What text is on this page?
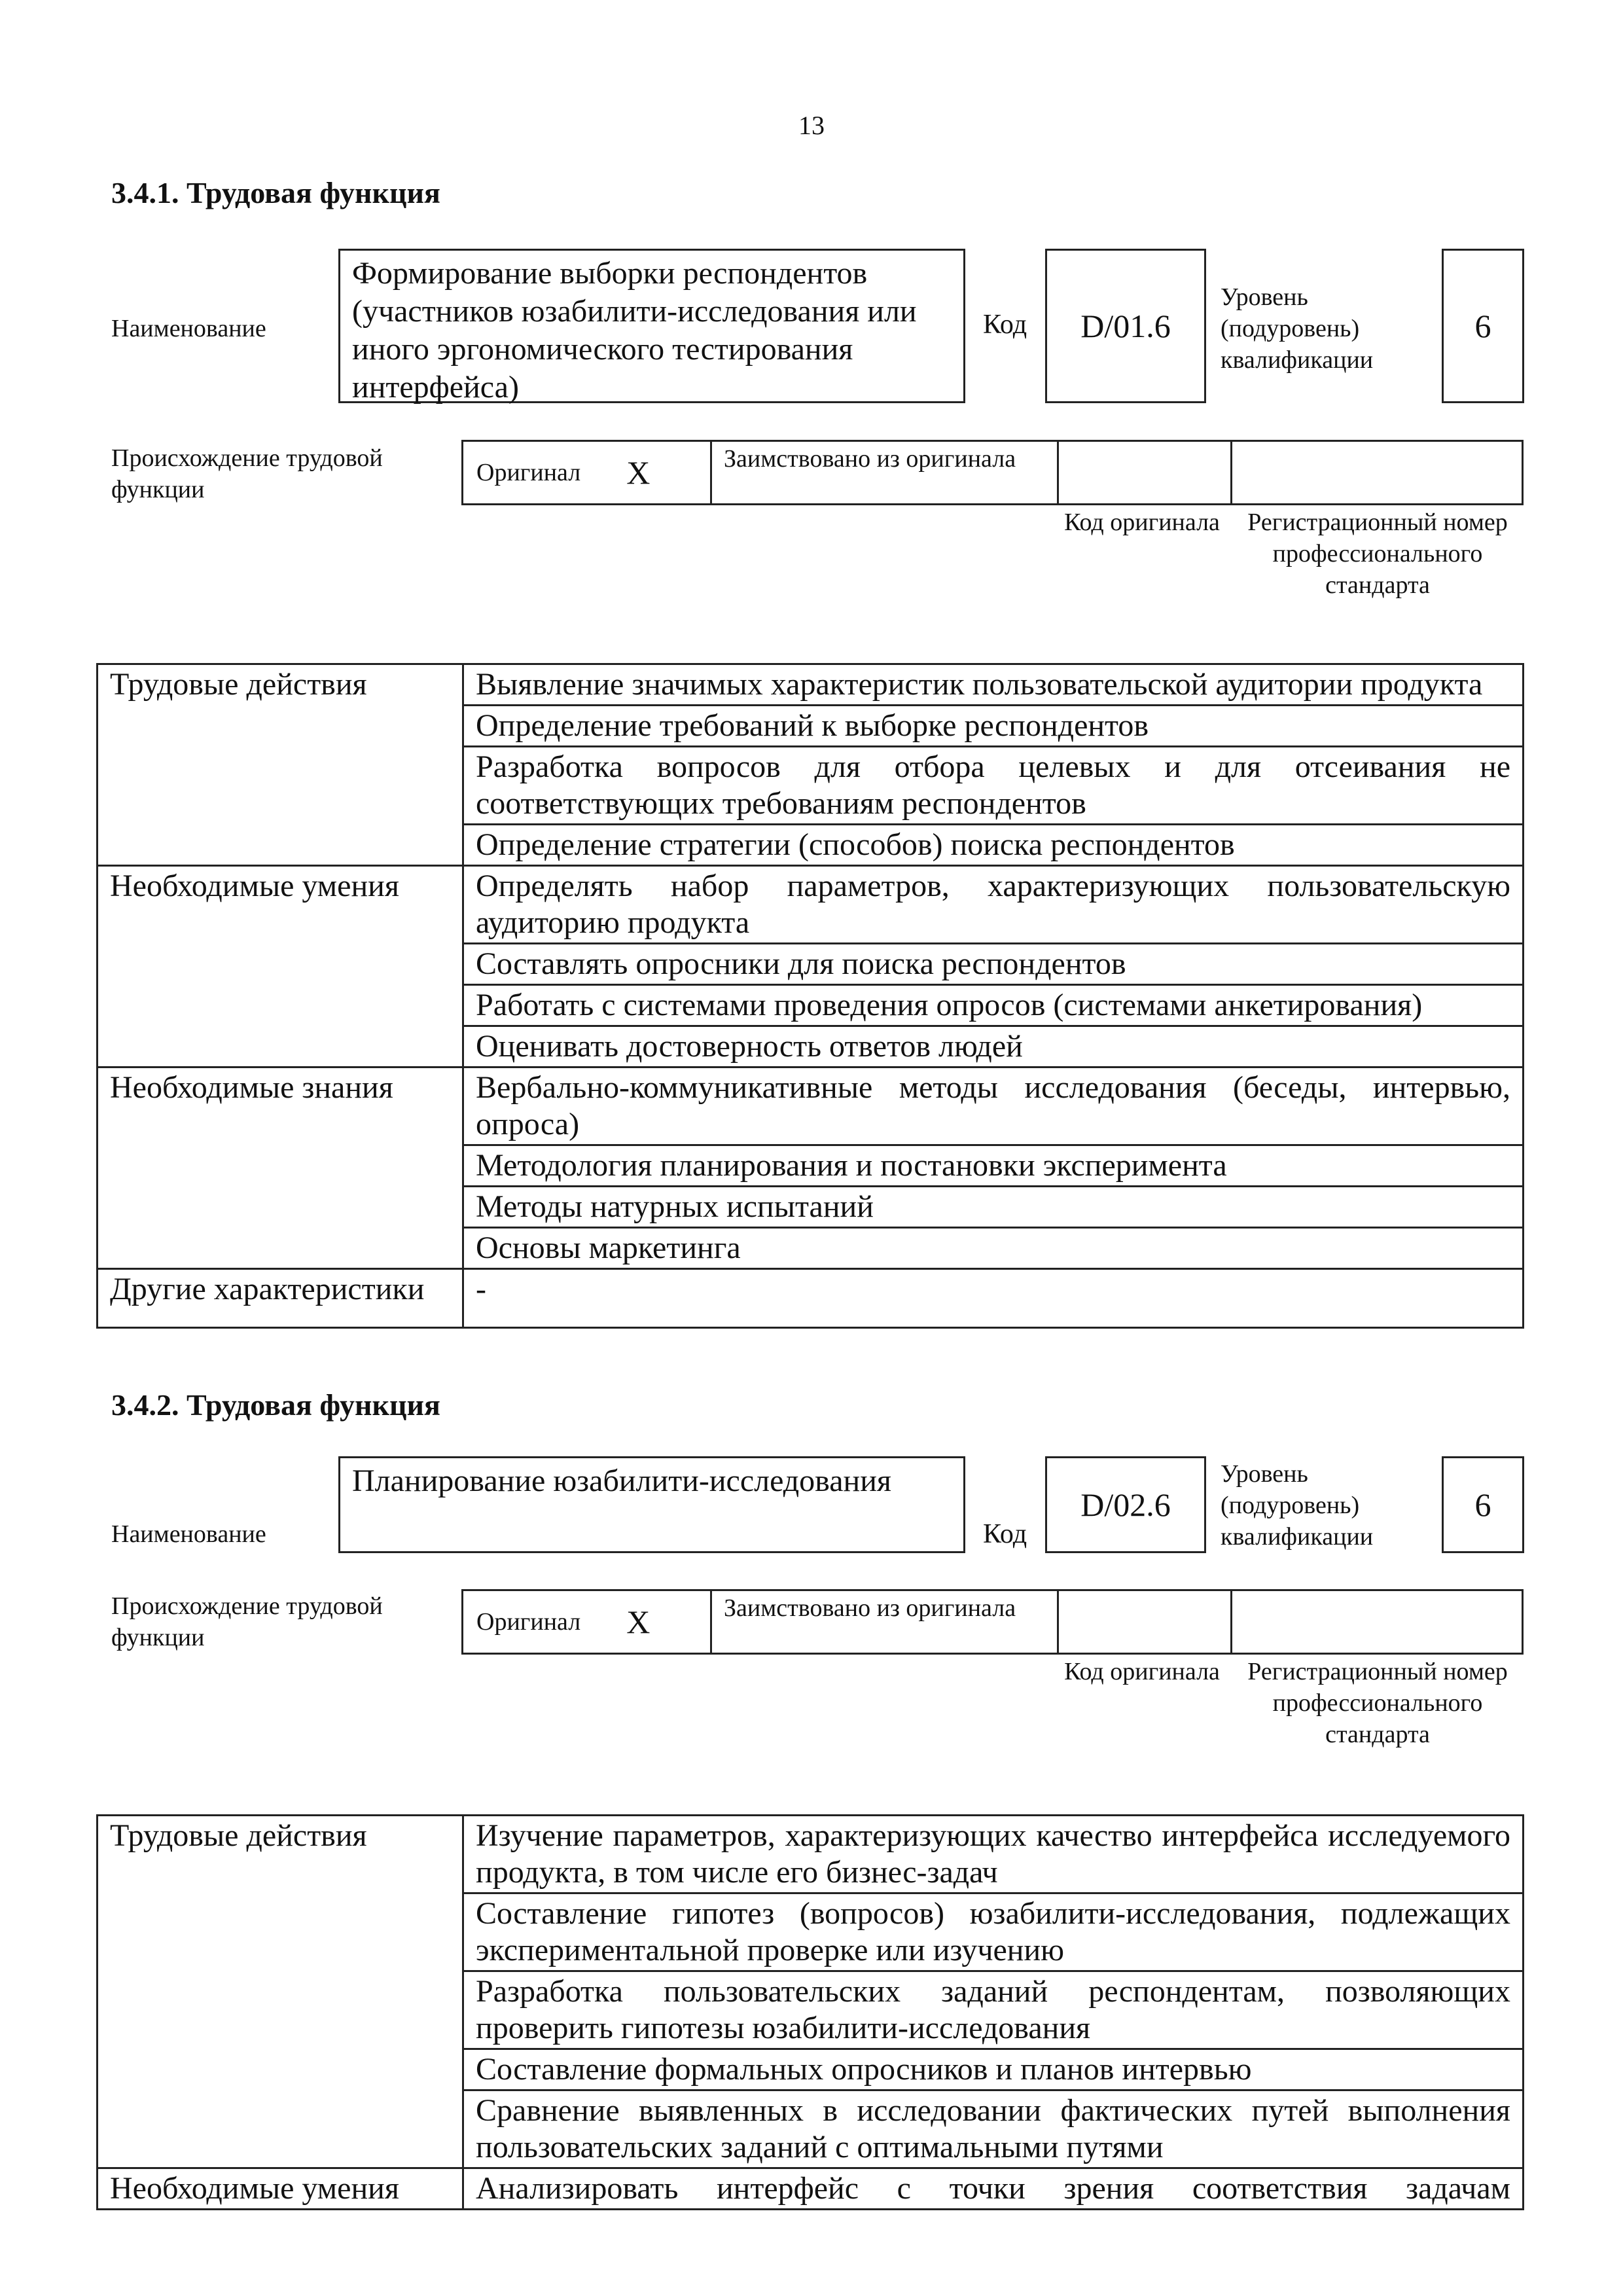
13
3.4.1. Трудовая функция
Наименование
Формирование выборки респондентов (участников юзабилити-исследования или иного эргономического тестирования интерфейса)
Код	D/01.6
Уровень (подуровень) квалификации
6
Происхождение трудовой функции
Оригинал X	Заимствовано из оригинала
Код оригинала Регистрационный номер профессионального стандарта
Трудовые действия	Выявление значимых характеристик пользовательской аудитории продукта
	Определение требований к выборке респондентов
	Разработка вопросов для отбора целевых и для отсеивания не соответствующих требованиям респондентов
	Определение стратегии (способов) поиска респондентов
Необходимые умения	Определять набор параметров, характеризующих пользовательскую аудиторию продукта
	Составлять опросники для поиска респондентов
	Работать с системами проведения опросов (системами анкетирования)
	Оценивать достоверность ответов людей
Необходимые знания	Вербально-коммуникативные методы исследования (беседы, интервью, опроса)
	Методология планирования и постановки эксперимента
	Методы натурных испытаний
	Основы маркетинга
Другие характеристики	-
3.4.2. Трудовая функция
Наименование
Планирование юзабилити-исследования
Код
D/02.6
Уровень (подуровень) квалификации
6
Происхождение трудовой функции
Оригинал X	Заимствовано из оригинала
Код оригинала Регистрационный номер профессионального стандарта
Трудовые действия	Изучение параметров, характеризующих качество интерфейса исследуемого продукта, в том числе его бизнес-задач
	Составление гипотез (вопросов) юзабилити-исследования, подлежащих экспериментальной проверке или изучению
	Разработка пользовательских заданий респондентам, позволяющих проверить гипотезы юзабилити-исследования
	Составление формальных опросников и планов интервью
	Сравнение выявленных в исследовании фактических путей выполнения пользовательских заданий с оптимальными путями
Необходимые умения	Анализировать интерфейс с точки зрения соответствия задачам
